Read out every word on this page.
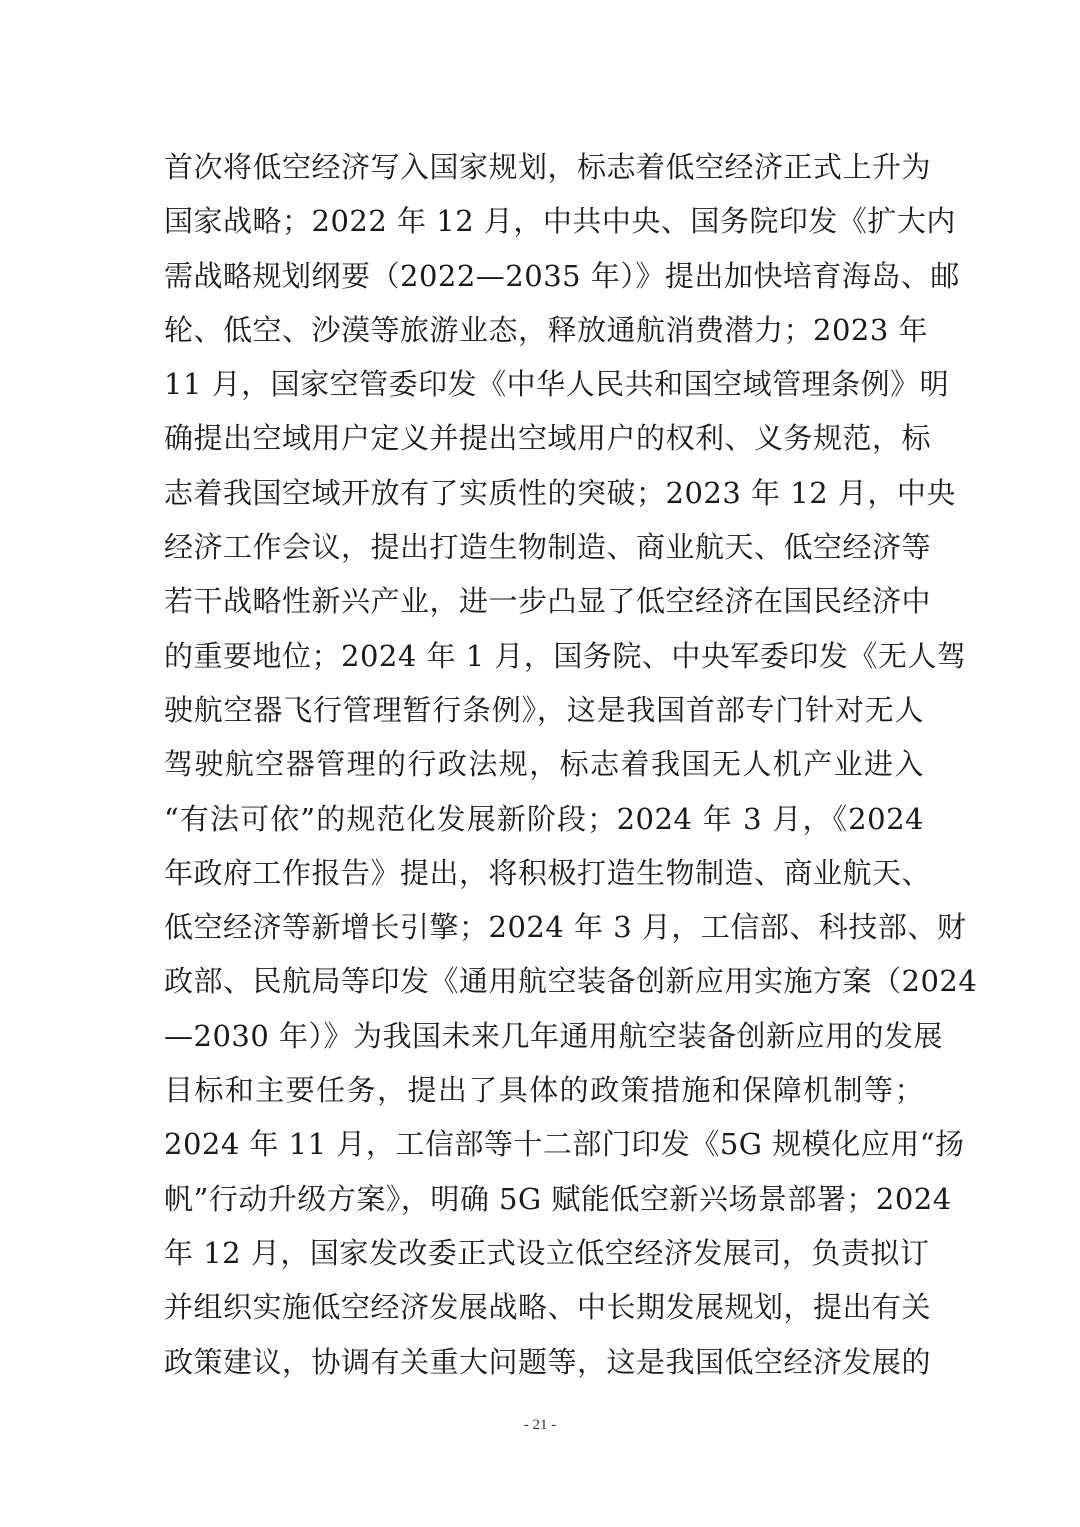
首次将低空经济写入国家规划，标志着低空经济正式上升为
国家战略；2022 年 12 月，中共中央、国务院印发《扩大内
需战略规划纲要（2022—2035 年）》提出加快培育海岛、邮
轮、低空、沙漠等旅游业态，释放通航消费潜力；2023 年
11 月，国家空管委印发《中华人民共和国空域管理条例》明
确提出空域用户定义并提出空域用户的权利、义务规范，标
志着我国空域开放有了实质性的突破；2023 年 12 月，中央
经济工作会议，提出打造生物制造、商业航天、低空经济等
若干战略性新兴产业，进一步凸显了低空经济在国民经济中
的重要地位；2024 年 1 月，国务院、中央军委印发《无人驾
驶航空器飞行管理暂行条例》，这是我国首部专门针对无人
驾驶航空器管理的行政法规，标志着我国无人机产业进入
“有法可依”的规范化发展新阶段；2024 年 3 月，《2024
年政府工作报告》提出，将积极打造生物制造、商业航天、
低空经济等新增长引擎；2024 年 3 月，工信部、科技部、财
政部、民航局等印发《通用航空装备创新应用实施方案（2024
—2030 年）》为我国未来几年通用航空装备创新应用的发展
目标和主要任务，提出了具体的政策措施和保障机制等；
2024 年 11 月，工信部等十二部门印发《5G 规模化应用“扬
帆”行动升级方案》，明确 5G 赋能低空新兴场景部署；2024
年 12 月，国家发改委正式设立低空经济发展司，负责拟订
并组织实施低空经济发展战略、中长期发展规划，提出有关
政策建议，协调有关重大问题等，这是我国低空经济发展的
- 21 -
